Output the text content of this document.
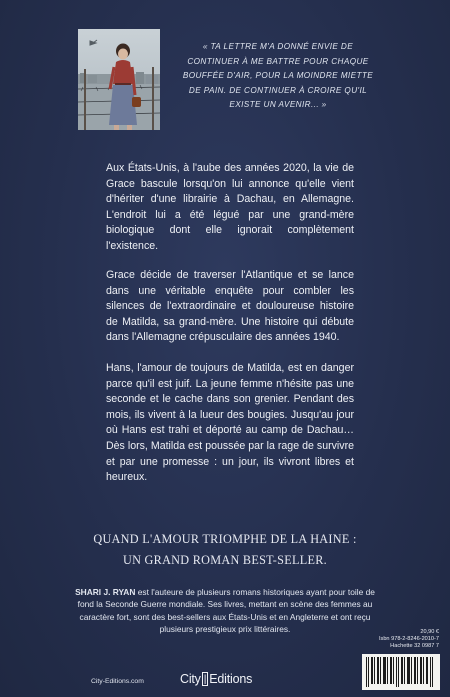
« TA LETTRE M'A DONNÉ ENVIE DE
CONTINUER À ME BATTRE POUR CHAQUE
BOUFFÉE D'AIR, POUR LA MOINDRE MIETTE
DE PAIN. DE CONTINUER À CROIRE QU'IL
EXISTE UN AVENIR... »

Aux États-Unis, à l'aube des années 2020, la vie de Grace bascule lorsqu'on lui annonce qu'elle vient d'hériter d'une librairie à Dachau, en Allemagne. L'endroit lui a été légué par une grand-mère biologique dont elle ignorait complètement l'existence.

Grace décide de traverser l'Atlantique et se lance dans une véritable enquête pour combler les silences de l'extraordinaire et douloureuse histoire de Matilda, sa grand-mère. Une histoire qui débute dans l'Allemagne crépusculaire des années 1940.

Hans, l'amour de toujours de Matilda, est en danger parce qu'il est juif. La jeune femme n'hésite pas une seconde et le cache dans son grenier. Pendant des mois, ils vivent à la lueur des bougies. Jusqu'au jour où Hans est trahi et déporté au camp de Dachau… Dès lors, Matilda est poussée par la rage de survivre et par une promesse : un jour, ils vivront libres et heureux.

QUAND L'AMOUR TRIOMPHE DE LA HAINE :

UN GRAND ROMAN BEST-SELLER.

SHARI J. RYAN est l'auteure de plusieurs romans historiques ayant pour toile de fond la Seconde Guerre mondiale. Ses livres, mettant en scène des femmes au caractère fort, sont des best-sellers aux États-Unis et en Angleterre et ont reçu plusieurs prestigieux prix littéraires.	20,90 €
Isbn 978-2-8246-2010-7
Hachette 32 0987 7

City-Editions.com	City | Editions
